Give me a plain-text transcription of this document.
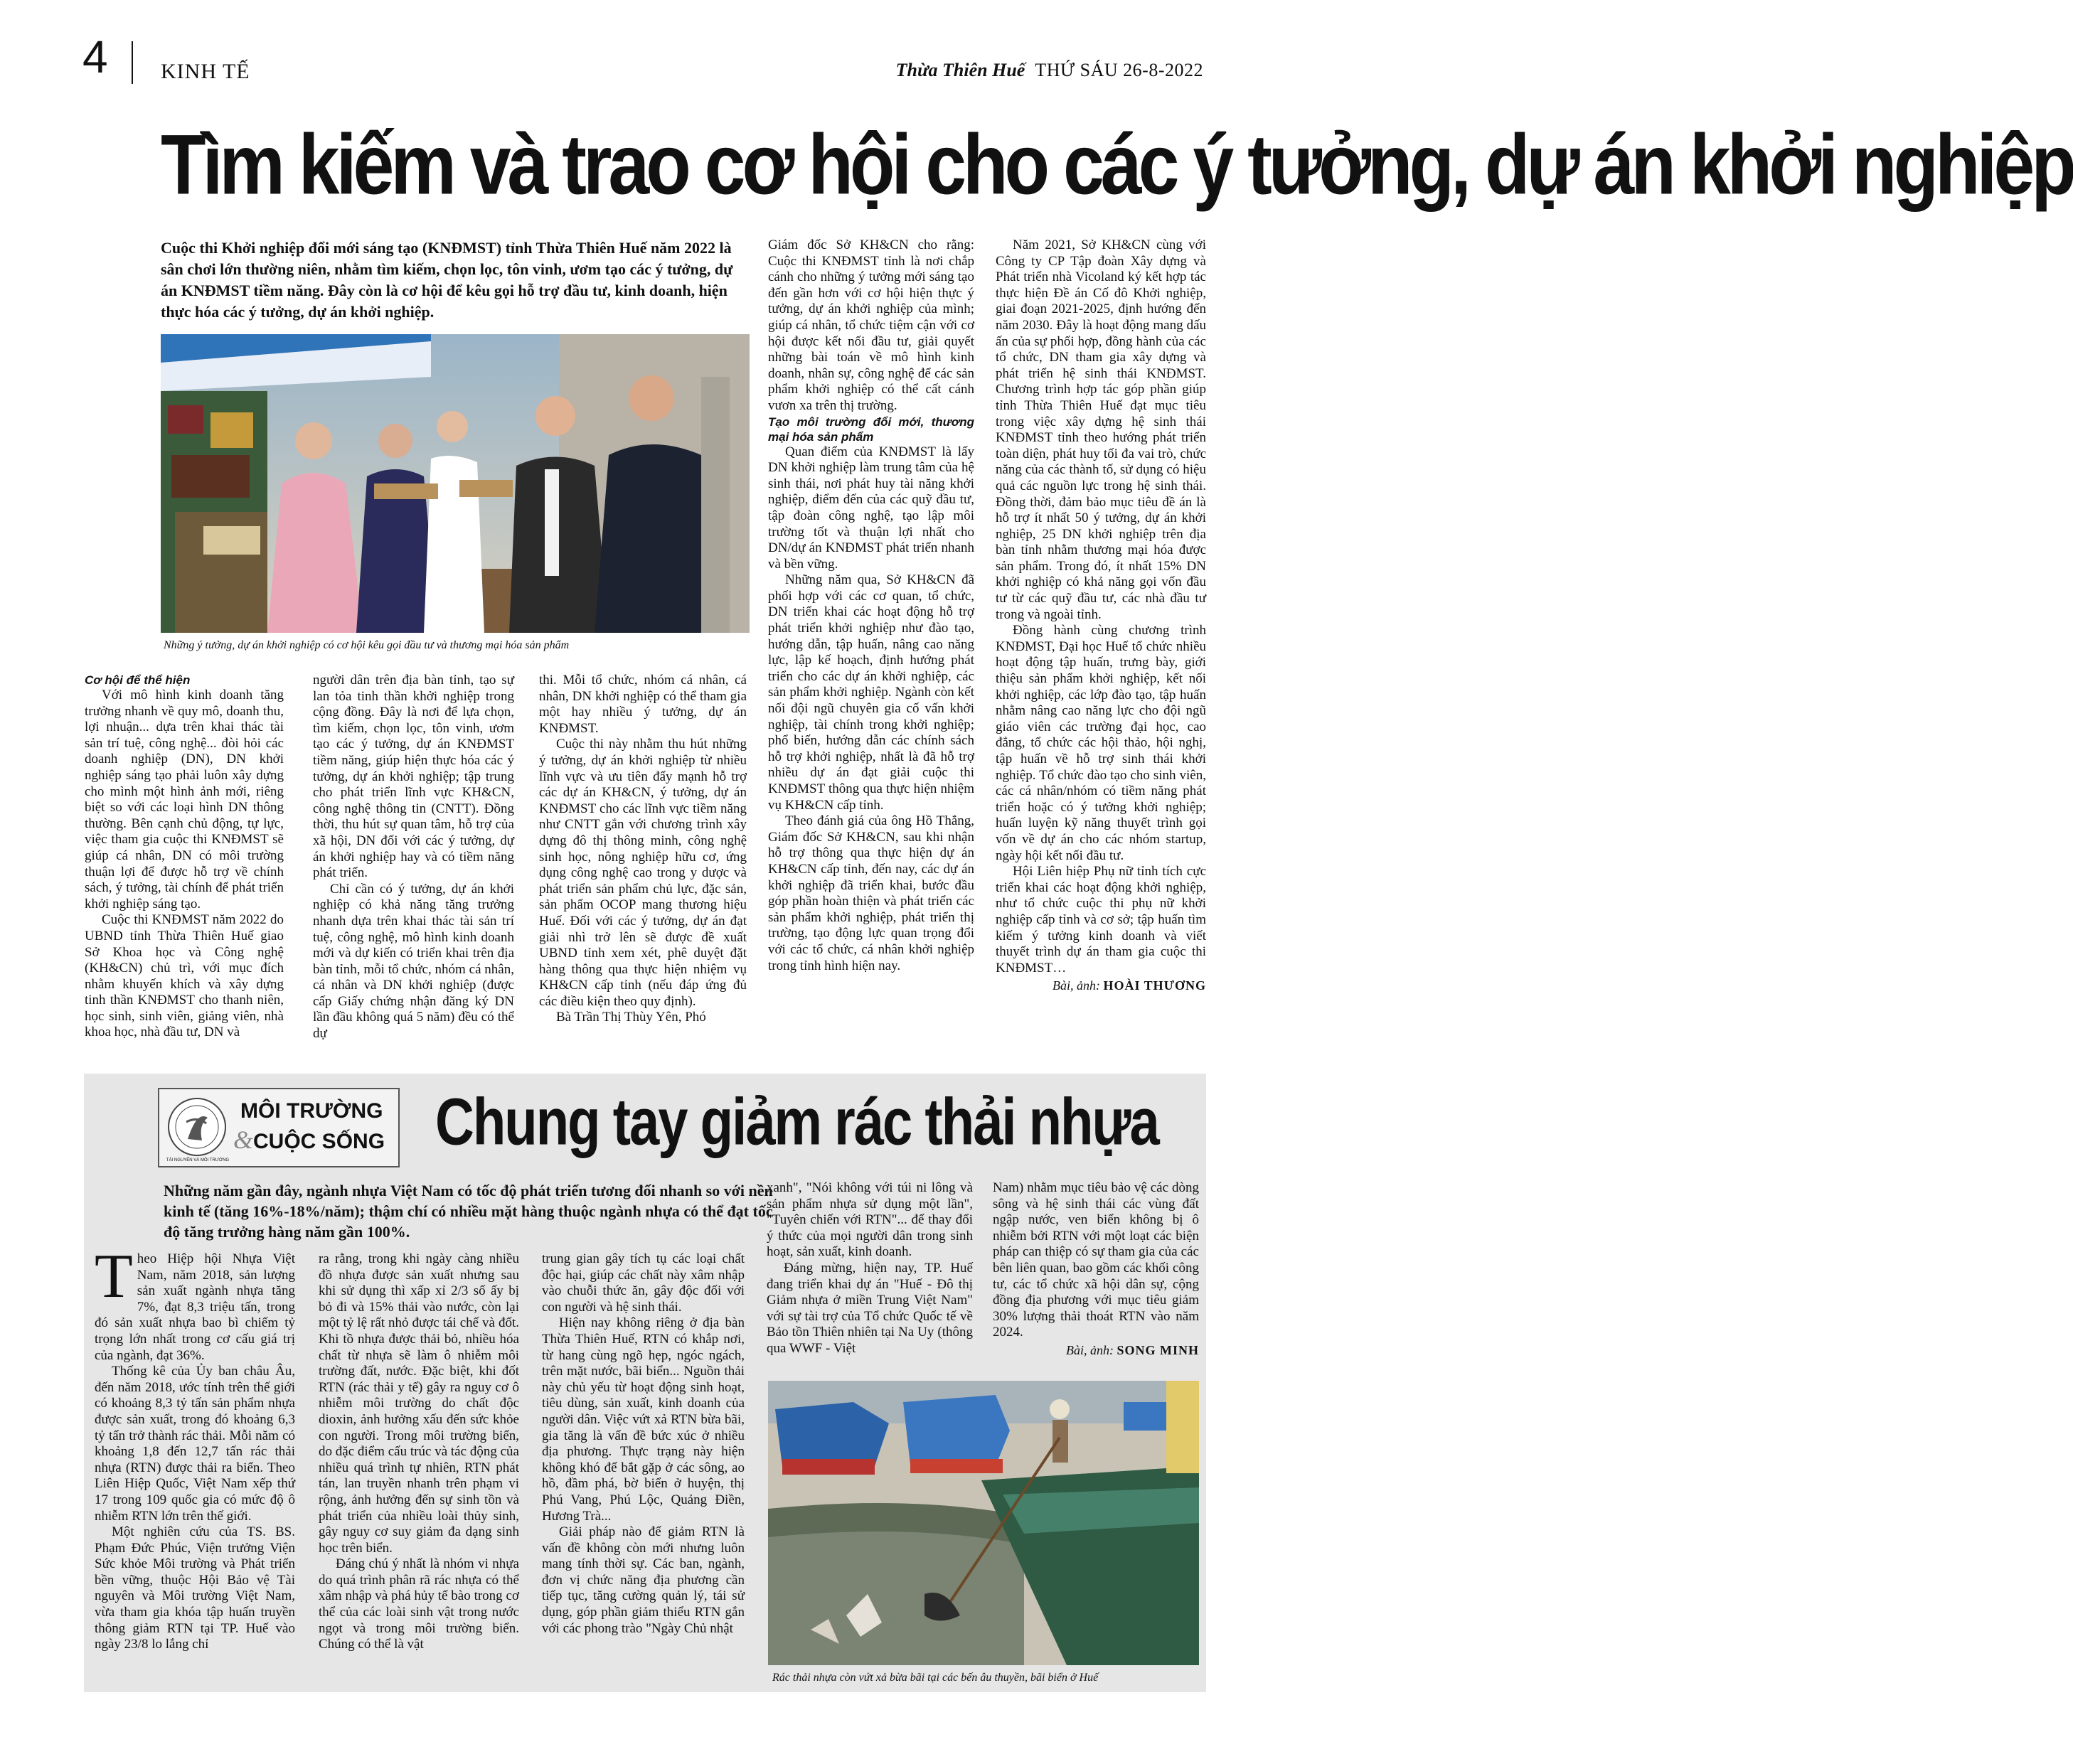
4 KINH TẾ	Thừa Thiên Huế THỨ SÁU 26-8-2022
Tìm kiếm và trao cơ hội cho các ý tưởng, dự án khởi nghiệp
Cuộc thi Khởi nghiệp đổi mới sáng tạo (KNĐMST) tỉnh Thừa Thiên Huế năm 2022 là sân chơi lớn thường niên, nhằm tìm kiếm, chọn lọc, tôn vinh, ươm tạo các ý tưởng, dự án KNĐMST tiềm năng. Đây còn là cơ hội để kêu gọi hỗ trợ đầu tư, kinh doanh, hiện thực hóa các ý tưởng, dự án khởi nghiệp.
Những ý tưởng, dự án khởi nghiệp có cơ hội kêu gọi đầu tư và thương mại hóa sản phẩm

Cơ hội để thể hiện

Với mô hình kinh doanh tăng trưởng nhanh về quy mô, doanh thu, lợi nhuận... dựa trên khai thác tài sản trí tuệ, công nghệ... đòi hỏi các doanh nghiệp (DN), DN khởi nghiệp sáng tạo phải luôn xây dựng cho mình một hình ảnh mới, riêng biệt so với các loại hình DN thông thường. Bên cạnh chủ động, tự lực, việc tham gia cuộc thi KNĐMST sẽ giúp cá nhân, DN có môi trường thuận lợi để được hỗ trợ về chính sách, ý tưởng, tài chính để phát triển khởi nghiệp sáng tạo.

Cuộc thi KNĐMST năm 2022 do UBND tỉnh Thừa Thiên Huế giao Sở Khoa học và Công nghệ (KH&CN) chủ trì, với mục đích nhằm khuyến khích và xây dựng tinh thần KNĐMST cho thanh niên, học sinh, sinh viên, giảng viên, nhà khoa học, nhà đầu tư, DN và

người dân trên địa bàn tỉnh, tạo sự lan tỏa tinh thần khởi nghiệp trong cộng đồng. Đây là nơi để lựa chọn, tìm kiếm, chọn lọc, tôn vinh, ươm tạo các ý tưởng, dự án KNĐMST tiềm năng, giúp hiện thực hóa các ý tưởng, dự án khởi nghiệp; tập trung cho phát triển lĩnh vực KH&CN, công nghệ thông tin (CNTT). Đồng thời, thu hút sự quan tâm, hỗ trợ của xã hội, DN đối với các ý tưởng, dự án khởi nghiệp hay và có tiềm năng phát triển.

Chỉ cần có ý tưởng, dự án khởi nghiệp có khả năng tăng trưởng nhanh dựa trên khai thác tài sản trí tuệ, công nghệ, mô hình kinh doanh mới và dự kiến có triển khai trên địa bàn tỉnh, mỗi tổ chức, nhóm cá nhân, cá nhân và DN khởi nghiệp (được cấp Giấy chứng nhận đăng ký DN lần đầu không quá 5 năm) đều có thể dự

thi. Mỗi tổ chức, nhóm cá nhân, cá nhân, DN khởi nghiệp có thể tham gia một hay nhiều ý tưởng, dự án KNĐMST.

Cuộc thi này nhằm thu hút những ý tưởng, dự án khởi nghiệp từ nhiều lĩnh vực và ưu tiên đẩy mạnh hỗ trợ các dự án KH&CN, ý tưởng, dự án KNĐMST cho các lĩnh vực tiềm năng như CNTT gắn với chương trình xây dựng đô thị thông minh, công nghệ sinh học, nông nghiệp hữu cơ, ứng dụng công nghệ cao trong y dược và phát triển sản phẩm chủ lực, đặc sản, sản phẩm OCOP mang thương hiệu Huế. Đối với các ý tưởng, dự án đạt giải nhì trở lên sẽ được đề xuất UBND tỉnh xem xét, phê duyệt đặt hàng thông qua thực hiện nhiệm vụ KH&CN cấp tỉnh (nếu đáp ứng đủ các điều kiện theo quy định).

Bà Trần Thị Thùy Yên, Phó

Giám đốc Sở KH&CN cho rằng: Cuộc thi KNĐMST tỉnh là nơi chắp cánh cho những ý tưởng mới sáng tạo đến gần hơn với cơ hội hiện thực ý tưởng, dự án khởi nghiệp của mình; giúp cá nhân, tổ chức tiệm cận với cơ hội được kết nối đầu tư, giải quyết những bài toán về mô hình kinh doanh, nhân sự, công nghệ để các sản phẩm khởi nghiệp có thể cất cánh vươn xa trên thị trường.

Tạo môi trường đổi mới, thương mại hóa sản phẩm

Quan điểm của KNĐMST là lấy DN khởi nghiệp làm trung tâm của hệ sinh thái, nơi phát huy tài năng khởi nghiệp, điểm đến của các quỹ đầu tư, tập đoàn công nghệ, tạo lập môi trường tốt và thuận lợi nhất cho DN/dự án KNĐMST phát triển nhanh và bền vững.

Những năm qua, Sở KH&CN đã phối hợp với các cơ quan, tổ chức, DN triển khai các hoạt động hỗ trợ phát triển khởi nghiệp như đào tạo, hướng dẫn, tập huấn, nâng cao năng lực, lập kế hoạch, định hướng phát triển cho các dự án khởi nghiệp, các sản phẩm khởi nghiệp. Ngành còn kết nối đội ngũ chuyên gia cố vấn khởi nghiệp, tài chính trong khởi nghiệp; phổ biến, hướng dẫn các chính sách hỗ trợ khởi nghiệp, nhất là đã hỗ trợ nhiều dự án đạt giải cuộc thi KNĐMST thông qua thực hiện nhiệm vụ KH&CN cấp tỉnh.

Theo đánh giá của ông Hồ Thắng, Giám đốc Sở KH&CN, sau khi nhận hỗ trợ thông qua thực hiện dự án KH&CN cấp tỉnh, đến nay, các dự án khởi nghiệp đã triển khai, bước đầu góp phần hoàn thiện và phát triển các sản phẩm khởi nghiệp, phát triển thị trường, tạo động lực quan trọng đổi với các tổ chức, cá nhân khởi nghiệp trong tỉnh hình hiện nay.

Năm 2021, Sở KH&CN cùng với Công ty CP Tập đoàn Xây dựng và Phát triển nhà Vicoland ký kết hợp tác thực hiện Đề án Cố đô Khởi nghiệp, giai đoạn 2021-2025, định hướng đến năm 2030. Đây là hoạt động mang dấu ấn của sự phối hợp, đồng hành của các tổ chức, DN tham gia xây dựng và phát triển hệ sinh thái KNĐMST. Chương trình hợp tác góp phần giúp tỉnh Thừa Thiên Huế đạt mục tiêu trong việc xây dựng hệ sinh thái KNĐMST tỉnh theo hướng phát triển toàn diện, phát huy tối đa vai trò, chức năng của các thành tố, sử dụng có hiệu quả các nguồn lực trong hệ sinh thái. Đồng thời, đảm bảo mục tiêu đề án là hỗ trợ ít nhất 50 ý tưởng, dự án khởi nghiệp, 25 DN khởi nghiệp trên địa bàn tỉnh nhằm thương mại hóa được sản phẩm. Trong đó, ít nhất 15% DN khởi nghiệp có khả năng gọi vốn đầu tư từ các quỹ đầu tư, các nhà đầu tư trong và ngoài tỉnh.

Đồng hành cùng chương trình KNĐMST, Đại học Huế tổ chức nhiều hoạt động tập huấn, trưng bày, giới thiệu sản phẩm khởi nghiệp, kết nối khởi nghiệp, các lớp đào tạo, tập huấn nhằm nâng cao năng lực cho đội ngũ giáo viên các trường đại học, cao đẳng, tổ chức các hội thảo, hội nghị, tập huấn về hỗ trợ sinh thái khởi nghiệp. Tổ chức đào tạo cho sinh viên, các cá nhân/nhóm có tiềm năng phát triển hoặc có ý tưởng khởi nghiệp; huấn luyện kỹ năng thuyết trình gọi vốn về dự án cho các nhóm startup, ngày hội kết nối đầu tư.

Hội Liên hiệp Phụ nữ tỉnh tích cực triển khai các hoạt động khởi nghiệp, như tổ chức cuộc thi phụ nữ khởi nghiệp cấp tỉnh và cơ sở; tập huấn tìm kiếm ý tưởng kinh doanh và viết thuyết trình dự án tham gia cuộc thi KNĐMST…

Bài, ảnh: HOÀI THƯƠNG
TÀI NGUYÊN VÀ MÔI TRƯỜNG
MÔI TRƯỜNG
&CUỘC SỐNG Chung tay giảm rác thải nhựa
Những năm gần đây, ngành nhựa Việt Nam có tốc độ phát triển tương đối nhanh so với nền kinh tế (tăng 16%-18%/năm); thậm chí có nhiều mặt hàng thuộc ngành nhựa có thể đạt tốc độ tăng trưởng hàng năm gần 100%.

Theo Hiệp hội Nhựa Việt Nam, năm 2018, sản lượng sản xuất ngành nhựa tăng 7%, đạt 8,3 triệu tấn, trong đó sản xuất nhựa bao bì chiếm tỷ trọng lớn nhất trong cơ cấu giá trị của ngành, đạt 36%.

Thống kê của Ủy ban châu Âu, đến năm 2018, ước tính trên thế giới có khoảng 8,3 tỷ tấn sản phẩm nhựa được sản xuất, trong đó khoảng 6,3 tỷ tấn trở thành rác thải. Mỗi năm có khoảng 1,8 đến 12,7 tấn rác thải nhựa (RTN) được thải ra biển. Theo Liên Hiệp Quốc, Việt Nam xếp thứ 17 trong 109 quốc gia có mức độ ô nhiễm RTN lớn trên thế giới.

Một nghiên cứu của TS. BS. Phạm Đức Phúc, Viện trưởng Viện Sức khỏe Môi trường và Phát triển bền vững, thuộc Hội Bảo vệ Tài nguyên và Môi trường Việt Nam, vừa tham gia khóa tập huấn truyền thông giảm RTN tại TP. Huế vào ngày 23/8 lo lắng chỉ

ra rằng, trong khi ngày càng nhiều đồ nhựa được sản xuất nhưng sau khi sử dụng thì xấp xỉ 2/3 số ấy bị bỏ đi và 15% thải vào nước, còn lại một tỷ lệ rất nhỏ được tái chế và đốt. Khi tồ nhựa được thải bỏ, nhiều hóa chất từ nhựa sẽ làm ô nhiễm môi trường đất, nước. Đặc biệt, khi đốt RTN (rác thải y tế) gây ra nguy cơ ô nhiễm môi trường do chất độc dioxin, ảnh hưởng xấu đến sức khỏe con người. Trong môi trường biển, do đặc điểm cấu trúc và tác động của nhiều quá trình tự nhiên, RTN phát tán, lan truyền nhanh trên phạm vi rộng, ảnh hưởng đến sự sinh tồn và phát triển của nhiều loài thủy sinh, gây nguy cơ suy giảm đa dạng sinh học trên biển.

Đáng chú ý nhất là nhóm vi nhựa do quá trình phân rã rác nhựa có thể xâm nhập và phá hủy tế bào trong cơ thể của các loài sinh vật trong nước ngọt và trong môi trường biển. Chúng có thể là vật

trung gian gây tích tụ các loại chất độc hại, giúp các chất này xâm nhập vào chuỗi thức ăn, gây độc đối với con người và hệ sinh thái.

Hiện nay không riêng ở địa bàn Thừa Thiên Huế, RTN có khắp nơi, từ hang cùng ngõ hẹp, ngóc ngách, trên mặt nước, bãi biển... Nguồn thải này chủ yếu từ hoạt động sinh hoạt, tiêu dùng, sản xuất, kinh doanh của người dân. Việc vứt xả RTN bừa bãi, gia tăng là vấn đề bức xúc ở nhiều địa phương. Thực trạng này hiện không khó để bắt gặp ở các sông, ao hồ, đầm phá, bờ biển ở huyện, thị Phú Vang, Phú Lộc, Quảng Điền, Hương Trà...

Giải pháp nào để giảm RTN là vấn đề không còn mới nhưng luôn mang tính thời sự. Các ban, ngành, đơn vị chức năng địa phương cần tiếp tục, tăng cường quản lý, tái sử dụng, góp phần giảm thiểu RTN gắn với các phong trào "Ngày Chủ nhật

xanh", "Nói không với túi ni lông và sản phẩm nhựa sử dụng một lần", "Tuyên chiến với RTN"... để thay đổi ý thức của mọi người dân trong sinh hoạt, sản xuất, kinh doanh.

Đáng mừng, hiện nay, TP. Huế đang triển khai dự án "Huế - Đô thị Giảm nhựa ở miền Trung Việt Nam" với sự tài trợ của Tổ chức Quốc tế về Bảo tồn Thiên nhiên tại Na Uy (thông qua WWF - Việt

Nam) nhằm mục tiêu bảo vệ các dòng sông và hệ sinh thái các vùng đất ngập nước, ven biển không bị ô nhiễm bởi RTN với một loạt các biện pháp can thiệp có sự tham gia của các bên liên quan, bao gồm các khối công tư, các tổ chức xã hội dân sự, cộng đồng địa phương với mục tiêu giảm 30% lượng thải thoát RTN vào năm 2024.

Bài, ảnh: SONG MINH
Rác thải nhựa còn vứt xả bừa bãi tại các bến âu thuyền, bãi biển ở Huế
